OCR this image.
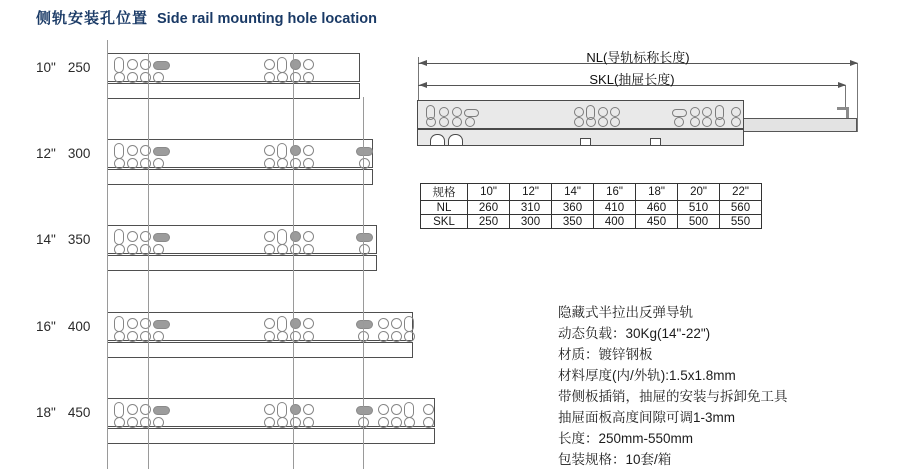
侧轨安装孔位置 Side rail mounting hole location
10" 250
12" 300
14" 350
16" 400
18" 450
NL(导轨标称长度)
SKL(抽屉长度)
规格	10"	12"	14"	16"	18"	20"	22"
NL	260	310	360	410	460	510	560
SKL	250	300	350	400	450	500	550
隐藏式半拉出反弹导轨
动态负载：30Kg(14"-22")
材质：镀锌钢板
材料厚度(内/外轨):1.5x1.8mm
带侧板插销，抽屉的安装与拆卸免工具
抽屉面板高度间隙可调1-3mm
长度：250mm-550mm
包装规格：10套/箱
